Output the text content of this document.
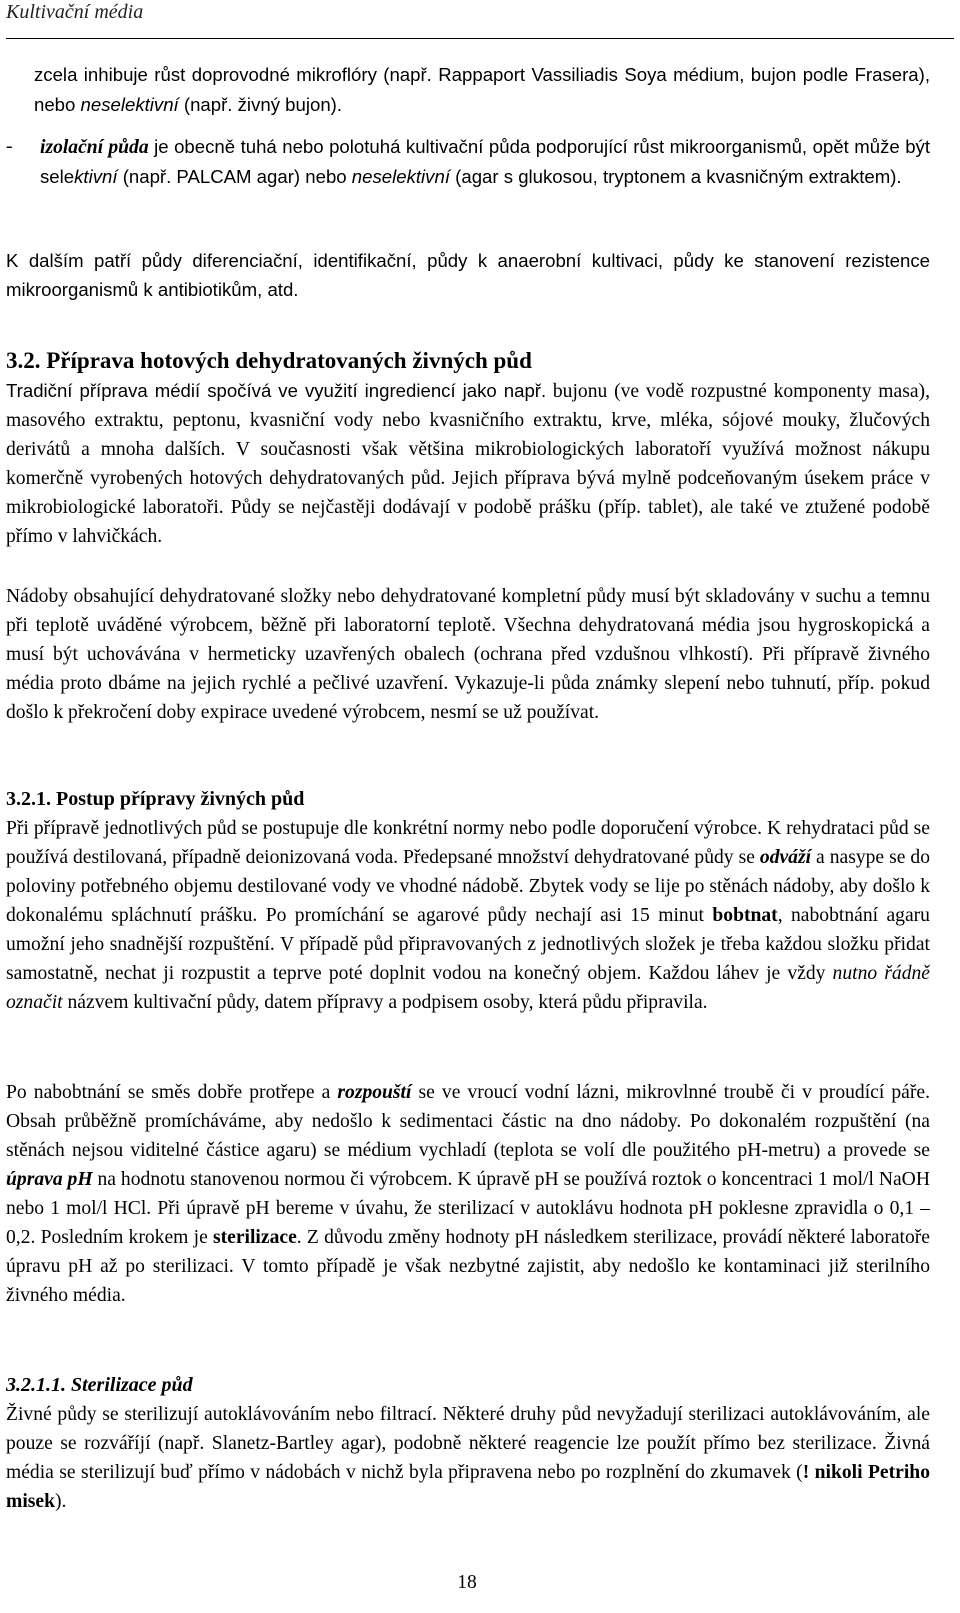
Kultivační média

zcela inhibuje růst doprovodné mikroflóry (např. Rappaport Vassiliadis Soya médium, bujon podle Frasera), nebo neselektivní (např. živný bujon).

-	izolační půda je obecně tuhá nebo polotuhá kultivační půda podporující růst mikroorganismů, opět může být selektivní (např. PALCAM agar) nebo neselektivní (agar s glukosou, tryptonem a kvasničným extraktem).

K dalším patří půdy diferenciační, identifikační, půdy k anaerobní kultivaci, půdy ke stanovení rezistence mikroorganismů k antibiotikům, atd.

3.2. Příprava hotových dehydratovaných živných půd

Tradiční příprava médií spočívá ve využití ingrediencí jako např. bujonu (ve vodě rozpustné komponenty masa), masového extraktu, peptonu, kvasniční vody nebo kvasničního extraktu, krve, mléka, sójové mouky, žlučových derivátů a mnoha dalších. V současnosti však většina mikrobiologických laboratoří využívá možnost nákupu komerčně vyrobených hotových dehydratovaných půd. Jejich příprava bývá mylně podceňovaným úsekem práce v mikrobiologické laboratoři. Půdy se nejčastěji dodávají v podobě prášku (příp. tablet), ale také ve ztužené podobě přímo v lahvičkách.

Nádoby obsahující dehydratované složky nebo dehydratované kompletní půdy musí být skladovány v suchu a temnu při teplotě uváděné výrobcem, běžně při laboratorní teplotě. Všechna dehydratovaná média jsou hygroskopická a musí být uchovávána v hermeticky uzavřených obalech (ochrana před vzdušnou vlhkostí). Při přípravě živného média proto dbáme na jejich rychlé a pečlivé uzavření. Vykazuje-li půda známky slepení nebo tuhnutí, příp. pokud došlo k překročení doby expirace uvedené výrobcem, nesmí se už používat.

3.2.1. Postup přípravy živných půd

Při přípravě jednotlivých půd se postupuje dle konkrétní normy nebo podle doporučení výrobce. K rehydrataci půd se používá destilovaná, případně deionizovaná voda. Předepsané množství dehydratované půdy se odváží a nasype se do poloviny potřebného objemu destilované vody ve vhodné nádobě. Zbytek vody se lije po stěnách nádoby, aby došlo k dokonalému spláchnutí prášku. Po promíchání se agarové půdy nechají asi 15 minut bobtnat, nabobtnání agaru umožní jeho snadnější rozpuštění. V případě půd připravovaných z jednotlivých složek je třeba každou složku přidat samostatně, nechat ji rozpustit a teprve poté doplnit vodou na konečný objem. Každou láhev je vždy nutno řádně označit názvem kultivační půdy, datem přípravy a podpisem osoby, která půdu připravila.

Po nabobtnání se směs dobře protřepe a rozpouští se ve vroucí vodní lázni, mikrovlnné troubě či v proudící páře. Obsah průběžně promícháváme, aby nedošlo k sedimentaci částic na dno nádoby. Po dokonalém rozpuštění (na stěnách nejsou viditelné částice agaru) se médium vychladí (teplota se volí dle použitého pH-metru) a provede se úprava pH na hodnotu stanovenou normou či výrobcem. K úpravě pH se používá roztok o koncentraci 1 mol/l NaOH nebo 1 mol/l HCl. Při úpravě pH bereme v úvahu, že sterilizací v autoklávu hodnota pH poklesne zpravidla o 0,1 – 0,2. Posledním krokem je sterilizace. Z důvodu změny hodnoty pH následkem sterilizace, provádí některé laboratoře úpravu pH až po sterilizaci. V tomto případě je však nezbytné zajistit, aby nedošlo ke kontaminaci již sterilního živného média.

3.2.1.1. Sterilizace půd

Živné půdy se sterilizují autoklávováním nebo filtrací. Některé druhy půd nevyžadují sterilizaci autoklávováním, ale pouze se rozváříjí (např. Slanetz-Bartley agar), podobně některé reagencie lze použít přímo bez sterilizace. Živná média se sterilizují buď přímo v nádobách v nichž byla připravena nebo po rozplnění do zkumavek (! nikoli Petriho misek).

18
